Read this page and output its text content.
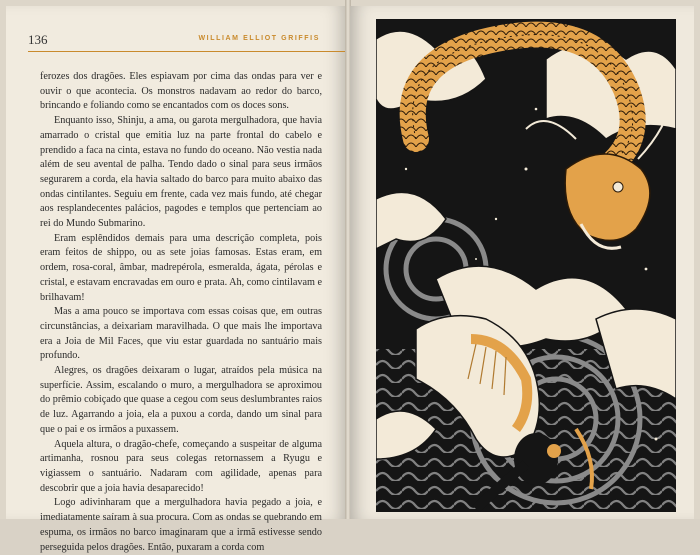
136	WILLIAM ELLIOT GRIFFIS

ferozes dos dragões. Eles espiavam por cima das ondas para ver e ouvir o que acontecia. Os monstros nadavam ao redor do barco, brincando e foliando como se encantados com os doces sons.

Enquanto isso, Shinju, a ama, ou garota mergulhadora, que havia amarrado o cristal que emitia luz na parte frontal do cabelo e prendido a faca na cinta, estava no fundo do oceano. Não vestia nada além de seu avental de palha. Tendo dado o sinal para seus irmãos segurarem a corda, ela havia saltado do barco para muito abaixo das ondas cintilantes. Seguiu em frente, cada vez mais fundo, até chegar aos resplandecentes palácios, pagodes e templos que pertenciam ao rei do Mundo Submarino.

Eram esplêndidos demais para uma descrição completa, pois eram feitos de shippo, ou as sete joias famosas. Estas eram, em ordem, rosa-coral, âmbar, madrepérola, esmeralda, ágata, pérolas e cristal, e estavam encravadas em ouro e prata. Ah, como cintilavam e brilhavam!

Mas a ama pouco se importava com essas coisas que, em outras circunstâncias, a deixariam maravilhada. O que mais lhe importava era a Joia de Mil Faces, que viu estar guardada no santuário mais profundo.

Alegres, os dragões deixaram o lugar, atraídos pela música na superfície. Assim, escalando o muro, a mergulhadora se aproximou do prêmio cobiçado que quase a cegou com seus deslumbrantes raios de luz. Agarrando a joia, ela a puxou a corda, dando um sinal para que o pai e os irmãos a puxassem.

Aquela altura, o dragão-chefe, começando a suspeitar de alguma artimanha, rosnou para seus colegas retornassem a Ryugu e vigiassem o santuário. Nadaram com agilidade, apenas para descobrir que a joia havia desaparecido!

Logo adivinharam que a mergulhadora havia pegado a joia, e imediatamente saíram à sua procura. Com as ondas se quebrando em espuma, os irmãos no barco imaginaram que a irmã estivesse sendo perseguida pelos dragões. Então, puxaram a corda com
